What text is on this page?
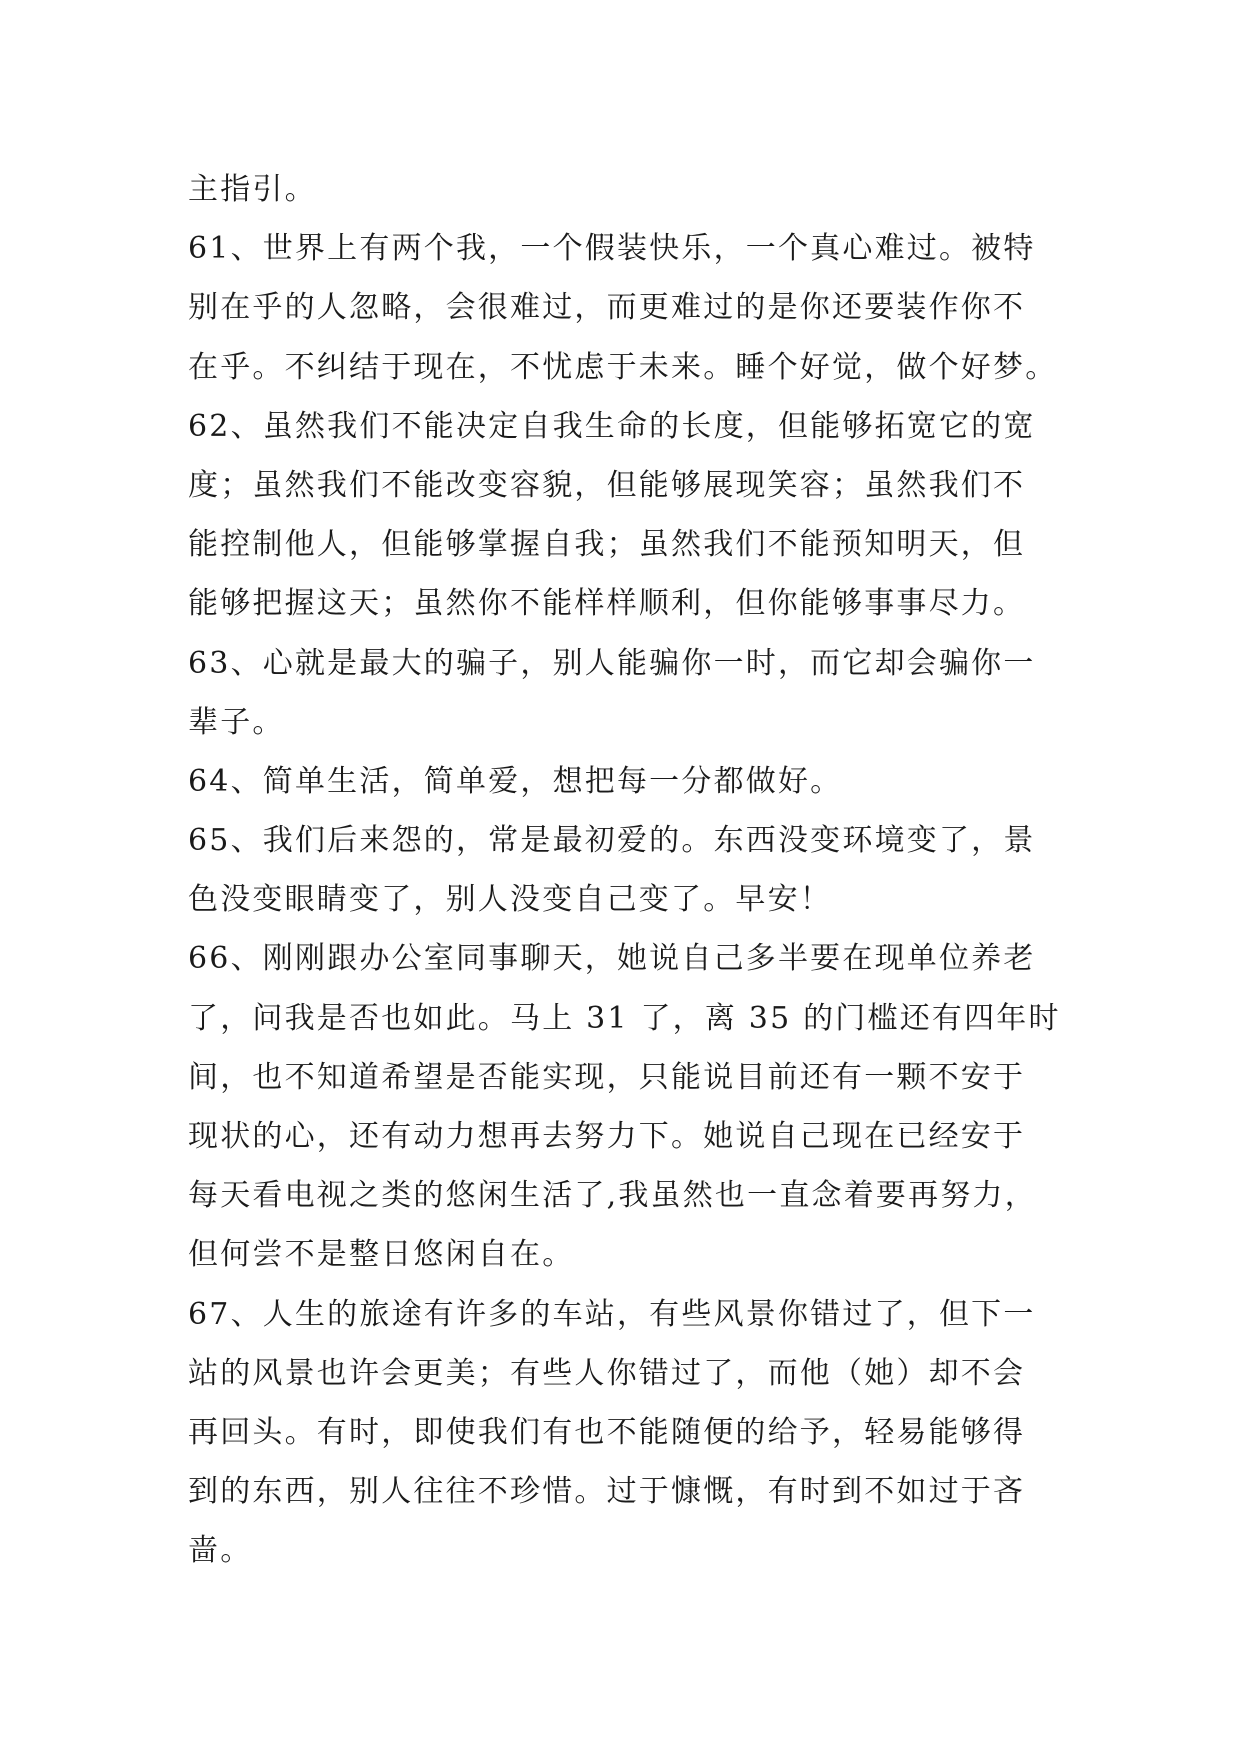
主指引。
61、世界上有两个我，一个假装快乐，一个真心难过。被特
别在乎的人忽略，会很难过，而更难过的是你还要装作你不
在乎。不纠结于现在，不忧虑于未来。睡个好觉，做个好梦。
62、虽然我们不能决定自我生命的长度，但能够拓宽它的宽
度；虽然我们不能改变容貌，但能够展现笑容；虽然我们不
能控制他人，但能够掌握自我；虽然我们不能预知明天，但
能够把握这天；虽然你不能样样顺利，但你能够事事尽力。
63、心就是最大的骗子，别人能骗你一时，而它却会骗你一
辈子。
64、简单生活，简单爱，想把每一分都做好。
65、我们后来怨的，常是最初爱的。东西没变环境变了，景
色没变眼睛变了，别人没变自己变了。早安！
66、刚刚跟办公室同事聊天，她说自己多半要在现单位养老
了，问我是否也如此。马上 31 了，离 35 的门槛还有四年时
间，也不知道希望是否能实现，只能说目前还有一颗不安于
现状的心，还有动力想再去努力下。她说自己现在已经安于
每天看电视之类的悠闲生活了,我虽然也一直念着要再努力，
但何尝不是整日悠闲自在。
67、人生的旅途有许多的车站，有些风景你错过了，但下一
站的风景也许会更美；有些人你错过了，而他（她）却不会
再回头。有时，即使我们有也不能随便的给予，轻易能够得
到的东西，别人往往不珍惜。过于慷慨，有时到不如过于吝
啬。
